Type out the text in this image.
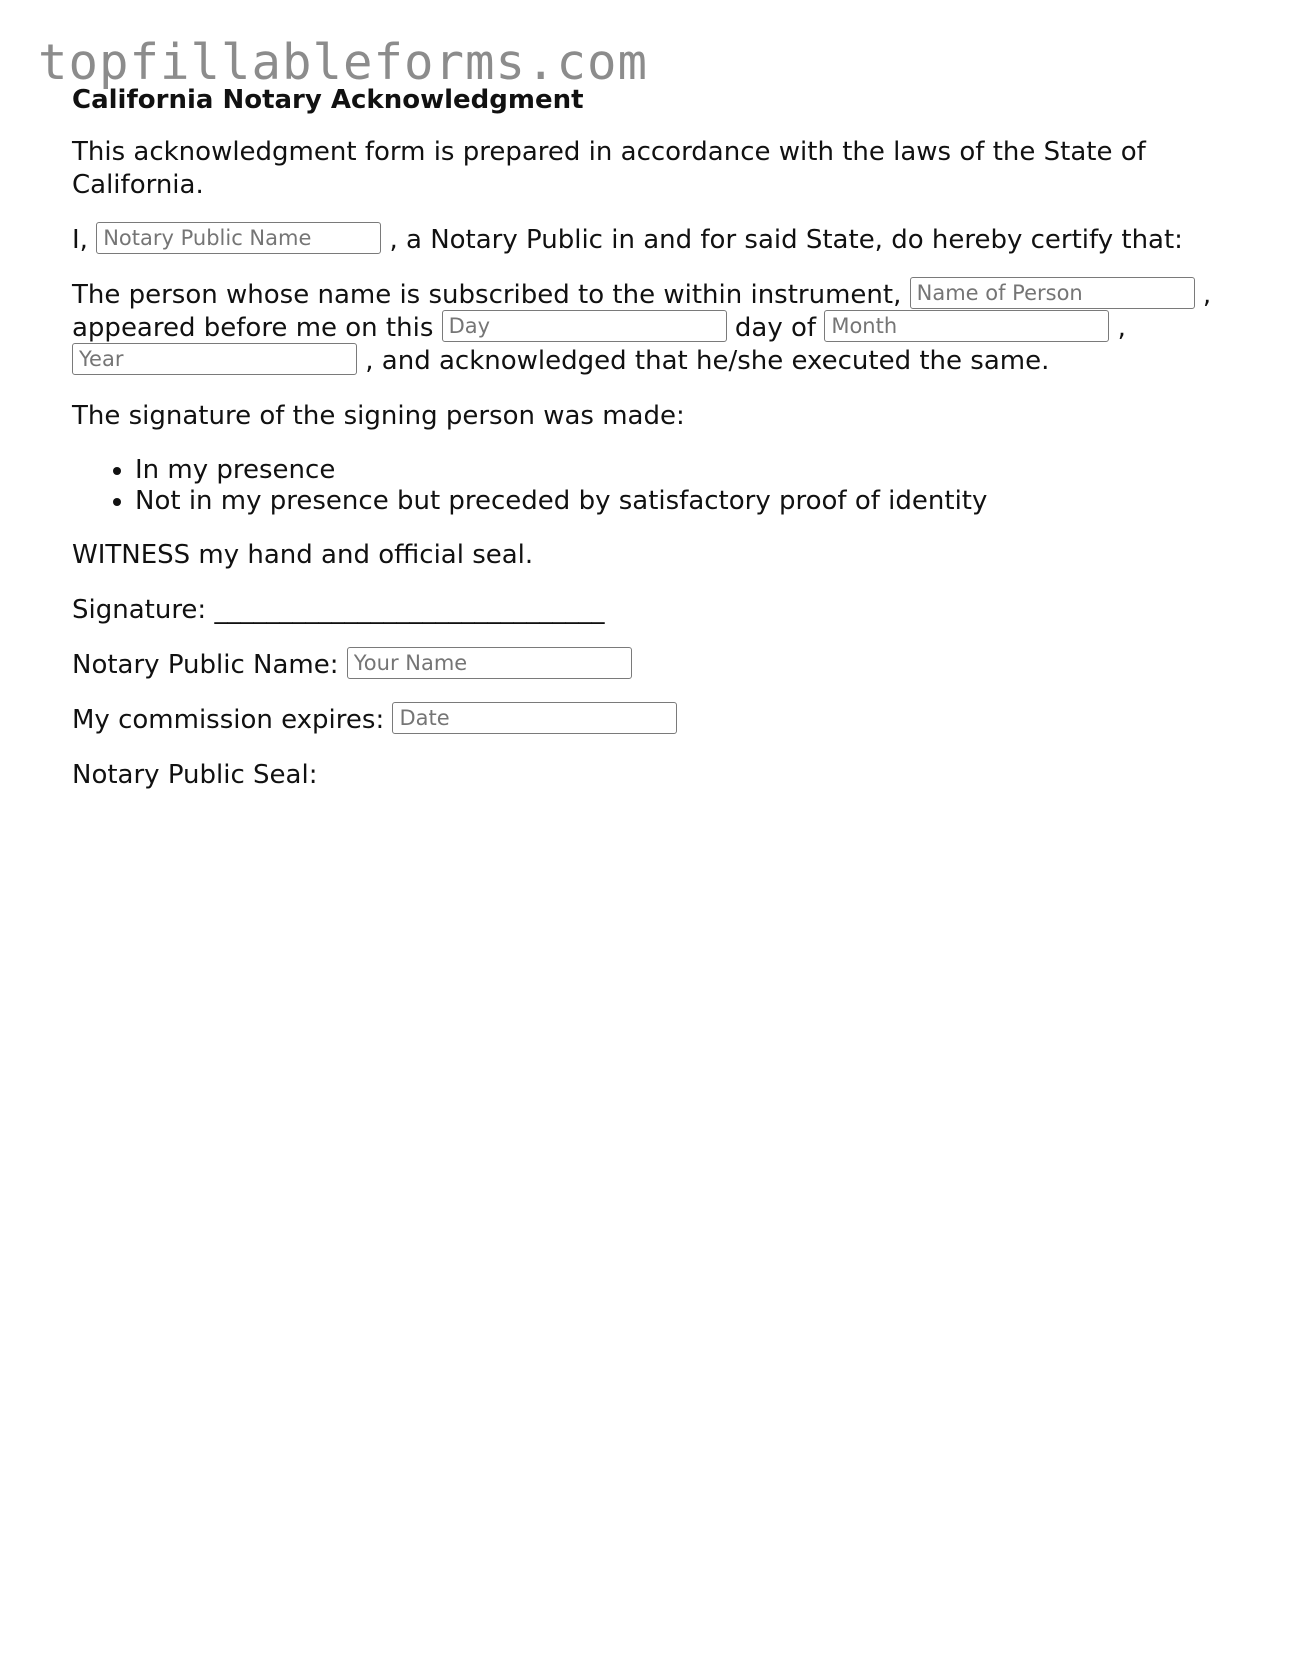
topfillableforms.com
California Notary Acknowledgment

This acknowledgment form is prepared in accordance with the laws of the State of California.

I, Notary Public Name	, a Notary Public in and for said State, do hereby certify that:

The person whose name is subscribed to the within instrument, Name of Person	, appeared before me on this Day	day of Month	, Year , and acknowledged that he/she executed the same.

The signature of the signing person was made:

• In my presence
• Not in my presence but preceded by satisfactory proof of identity

WITNESS my hand and official seal.

Signature: ______________________________

Notary Public Name: Your Name

My commission expires: Date

Notary Public Seal:
